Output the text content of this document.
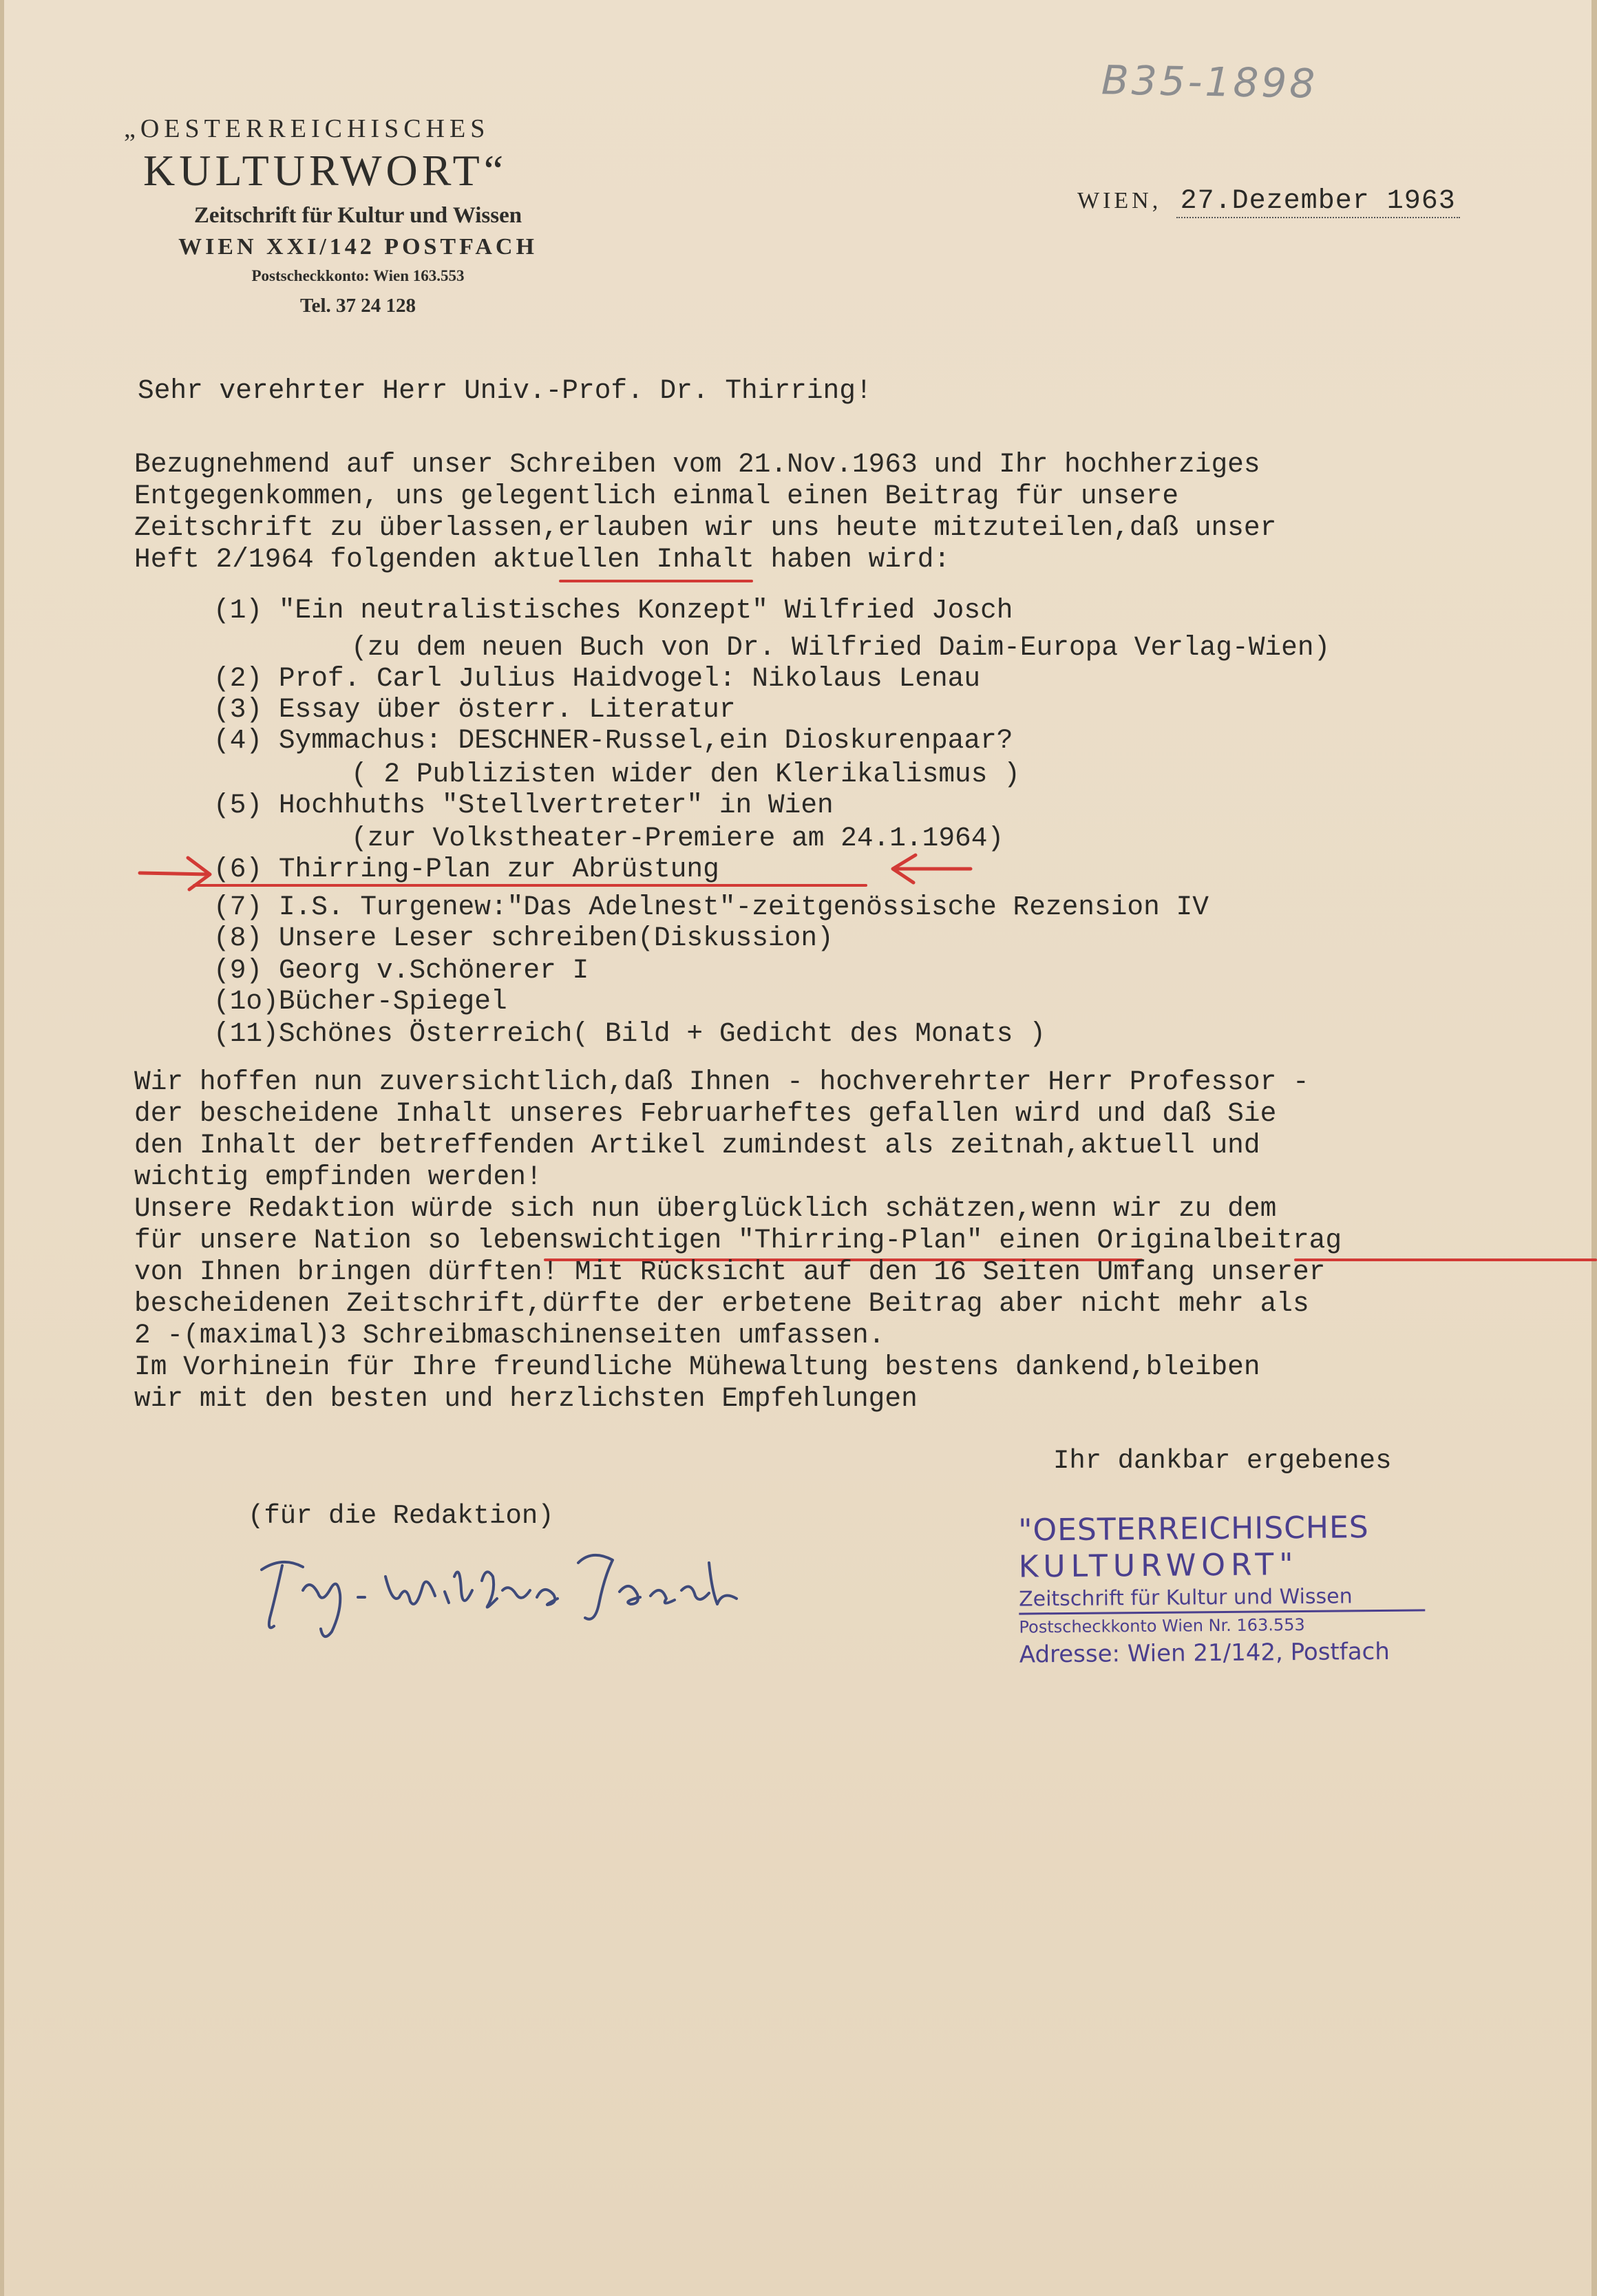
B35-1898
„OESTERREICHISCHES
KULTURWORT“
Zeitschrift für Kultur und Wissen
WIEN XXI/142 POSTFACH
Postscheckkonto: Wien 163.553
Tel. 37 24 128
WIEN, 27.Dezember 1963
Sehr verehrter Herr Univ.-Prof. Dr. Thirring!
Bezugnehmend auf unser Schreiben vom 21.Nov.1963 und Ihr hochherziges
Entgegenkommen, uns gelegentlich einmal einen Beitrag für unsere
Zeitschrift zu überlassen,erlauben wir uns heute mitzuteilen,daß unser
Heft 2/1964 folgenden aktuellen Inhalt haben wird:
(1) "Ein neutralistisches Konzept" Wilfried Josch
(zu dem neuen Buch von Dr. Wilfried Daim-Europa Verlag-Wien)
(2) Prof. Carl Julius Haidvogel: Nikolaus Lenau
(3) Essay über österr. Literatur
(4) Symmachus: DESCHNER-Russel,ein Dioskurenpaar?
( 2 Publizisten wider den Klerikalismus )
(5) Hochhuths "Stellvertreter" in Wien
(zur Volkstheater-Premiere am 24.1.1964)
(6) Thirring-Plan zur Abrüstung
(7) I.S. Turgenew:"Das Adelnest"-zeitgenössische Rezension IV
(8) Unsere Leser schreiben(Diskussion)
(9) Georg v.Schönerer I
(1o)Bücher-Spiegel
(11)Schönes Österreich( Bild + Gedicht des Monats )
Wir hoffen nun zuversichtlich,daß Ihnen - hochverehrter Herr Professor -
der bescheidene Inhalt unseres Februarheftes gefallen wird und daß Sie
den Inhalt der betreffenden Artikel zumindest als zeitnah,aktuell und
wichtig empfinden werden!
Unsere Redaktion würde sich nun überglücklich schätzen,wenn wir zu dem
für unsere Nation so lebenswichtigen "Thirring-Plan" einen Originalbeitrag
von Ihnen bringen dürften! Mit Rücksicht auf den 16 Seiten Umfang unserer
bescheidenen Zeitschrift,dürfte der erbetene Beitrag aber nicht mehr als
2 -(maximal)3 Schreibmaschinenseiten umfassen.
Im Vorhinein für Ihre freundliche Mühewaltung bestens dankend,bleiben
wir mit den besten und herzlichsten Empfehlungen
Ihr dankbar ergebenes
(für die Redaktion)	"OESTERREICHISCHES
KULTURWORT"
Zeitschrift für Kultur und Wissen
Postscheckkonto Wien Nr. 163.553
Adresse: Wien 21/142, Postfach
